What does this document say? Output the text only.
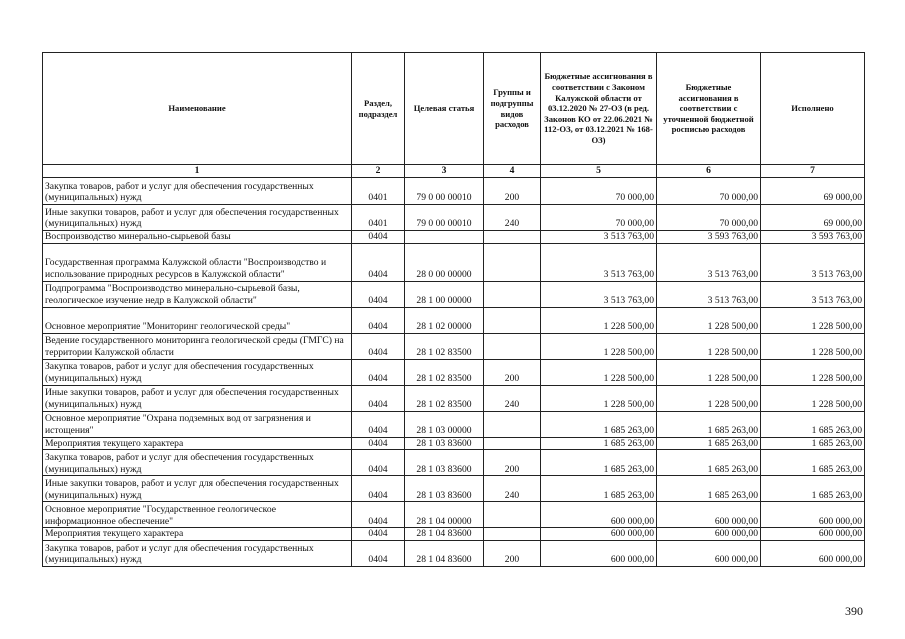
Наименование	Раздел, подраздел	Целевая статья	Группы и подгруппы видов расходов	Бюджетные ассигнования в соответствии с Законом Калужской области от 03.12.2020 № 27-ОЗ (в ред. Законов КО от 22.06.2021 № 112-ОЗ, от 03.12.2021 № 168-ОЗ)	Бюджетные ассигнования в соответствии с уточненной бюджетной росписью расходов	Исполнено
1	2	3	4	5	6	7
Закупка товаров, работ и услуг для обеспечения государственных (муниципальных) нужд	0401	79 0 00 00010	200	70 000,00	70 000,00	69 000,00
Иные закупки товаров, работ и услуг для обеспечения государственных (муниципальных) нужд	0401	79 0 00 00010	240	70 000,00	70 000,00	69 000,00
Воспроизводство минерально-сырьевой базы	0404			3 513 763,00	3 593 763,00	3 593 763,00
Государственная программа Калужской области "Воспроизводство и использование природных ресурсов в Калужской области"	0404	28 0 00 00000		3 513 763,00	3 513 763,00	3 513 763,00
Подпрограмма "Воспроизводство минерально-сырьевой базы, геологическое изучение недр в Калужской области"	0404	28 1 00 00000		3 513 763,00	3 513 763,00	3 513 763,00
Основное мероприятие "Мониторинг геологической среды"	0404	28 1 02 00000		1 228 500,00	1 228 500,00	1 228 500,00
Ведение государственного мониторинга геологической среды (ГМГС) на территории Калужской области	0404	28 1 02 83500		1 228 500,00	1 228 500,00	1 228 500,00
Закупка товаров, работ и услуг для обеспечения государственных (муниципальных) нужд	0404	28 1 02 83500	200	1 228 500,00	1 228 500,00	1 228 500,00
Иные закупки товаров, работ и услуг для обеспечения государственных (муниципальных) нужд	0404	28 1 02 83500	240	1 228 500,00	1 228 500,00	1 228 500,00
Основное мероприятие "Охрана подземных вод от загрязнения и истощения"	0404	28 1 03 00000		1 685 263,00	1 685 263,00	1 685 263,00
Мероприятия текущего характера	0404	28 1 03 83600		1 685 263,00	1 685 263,00	1 685 263,00
Закупка товаров, работ и услуг для обеспечения государственных (муниципальных) нужд	0404	28 1 03 83600	200	1 685 263,00	1 685 263,00	1 685 263,00
Иные закупки товаров, работ и услуг для обеспечения государственных (муниципальных) нужд	0404	28 1 03 83600	240	1 685 263,00	1 685 263,00	1 685 263,00
Основное мероприятие "Государственное геологическое информационное обеспечение"	0404	28 1 04 00000		600 000,00	600 000,00	600 000,00
Мероприятия текущего характера	0404	28 1 04 83600		600 000,00	600 000,00	600 000,00
Закупка товаров, работ и услуг для обеспечения государственных (муниципальных) нужд	0404	28 1 04 83600	200	600 000,00	600 000,00	600 000,00
390
